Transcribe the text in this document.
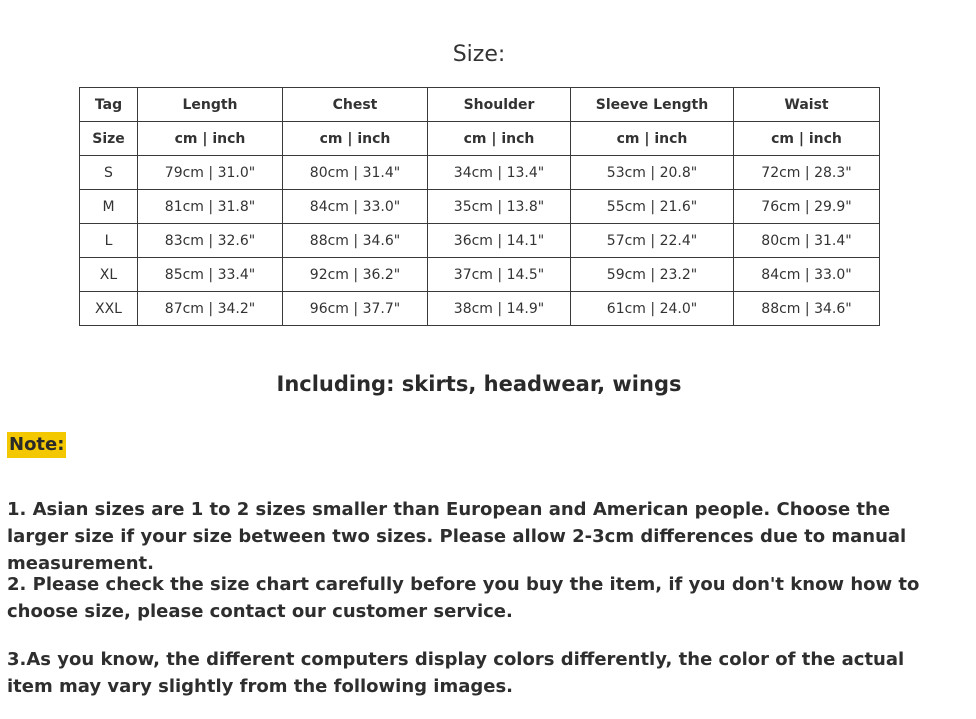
Size:
Tag	Length	Chest	Shoulder	Sleeve Length	Waist
Size	cm | inch	cm | inch	cm | inch	cm | inch	cm | inch
S	79cm | 31.0"	80cm | 31.4"	34cm | 13.4"	53cm | 20.8"	72cm | 28.3"
M	81cm | 31.8"	84cm | 33.0"	35cm | 13.8"	55cm | 21.6"	76cm | 29.9"
L	83cm | 32.6"	88cm | 34.6"	36cm | 14.1"	57cm | 22.4"	80cm | 31.4"
XL	85cm | 33.4"	92cm | 36.2"	37cm | 14.5"	59cm | 23.2"	84cm | 33.0"
XXL	87cm | 34.2"	96cm | 37.7"	38cm | 14.9"	61cm | 24.0"	88cm | 34.6"
Including: skirts, headwear, wings
Note:
1. Asian sizes are 1 to 2 sizes smaller than European and American people. Choose the larger size if your size between two sizes. Please allow 2-3cm differences due to manual measurement.
2. Please check the size chart carefully before you buy the item, if you don't know how to choose size, please contact our customer service.
3.As you know, the different computers display colors differently, the color of the actual item may vary slightly from the following images.
